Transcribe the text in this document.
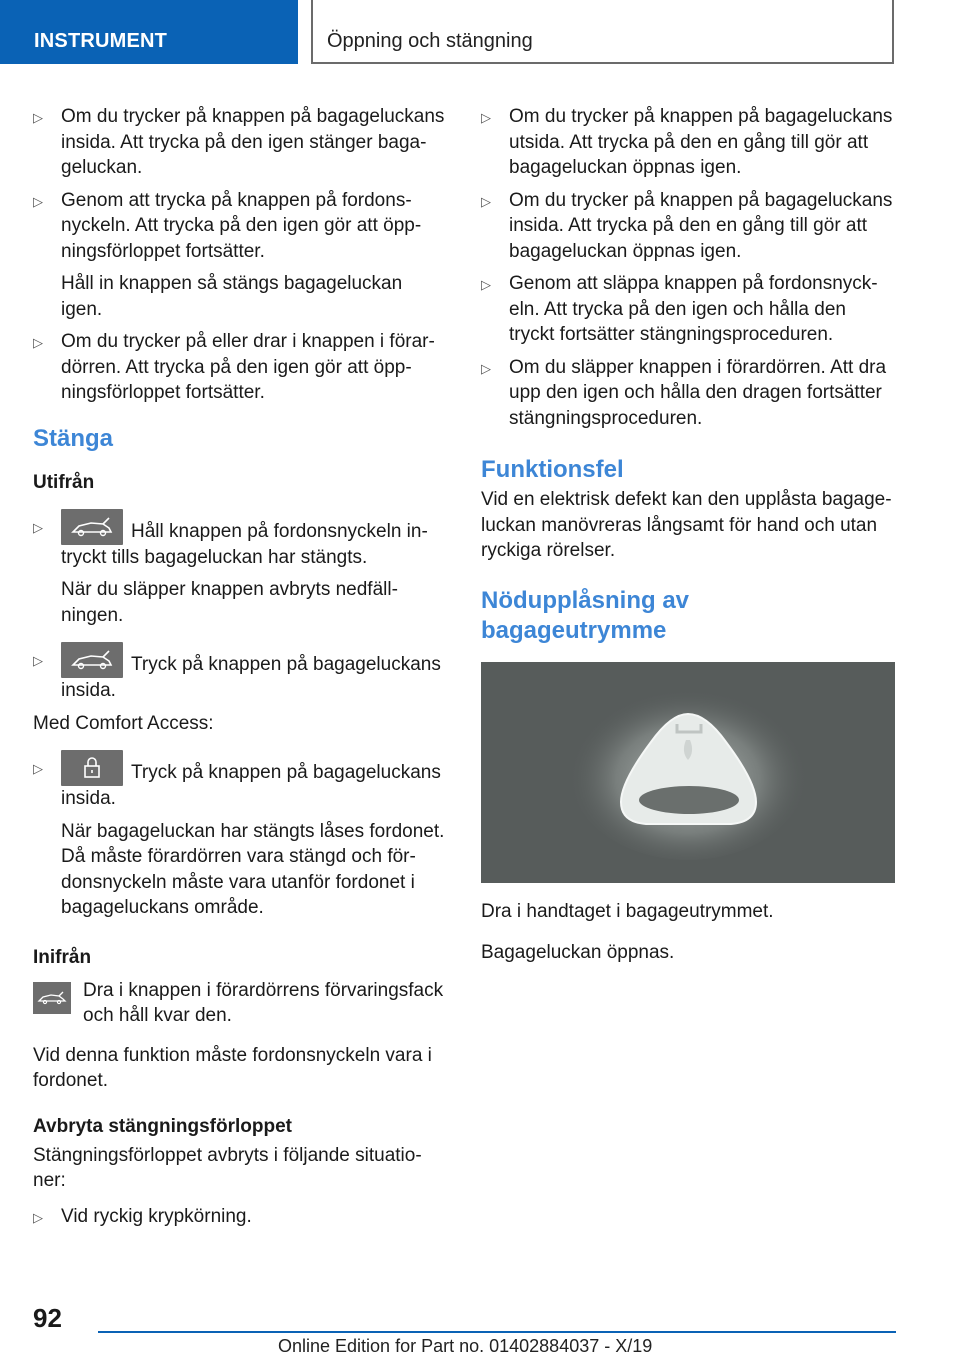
INSTRUMENT	Öppning och stängning
▷ Om du trycker på knappen på bagageluckans insida. Att trycka på den igen stänger baga-geluckan.
▷ Genom att trycka på knappen på fordons-nyckeln. Att trycka på den igen gör att öpp-ningsförloppet fortsätter.
Håll in knappen så stängs bagageluckan igen.
▷ Om du trycker på eller drar i knappen i förar-dörren. Att trycka på den igen gör att öpp-ningsförloppet fortsätter.
Stänga
Utifrån
▷	Håll knappen på fordonsnyckeln in-tryckt tills bagageluckan har stängts.
När du släpper knappen avbryts nedfäll-ningen.
▷	Tryck på knappen på bagageluckans insida.
Med Comfort Access:
▷	Tryck på knappen på bagageluckans insida.
När bagageluckan har stängts låses fordonet. Då måste förardörren vara stängd och för-donsnyckeln måste vara utanför fordonet i bagageluckans område.
Inifrån
Dra i knappen i förardörrens förvaringsfack och håll kvar den.
Vid denna funktion måste fordonsnyckeln vara i fordonet.
Avbryta stängningsförloppet
Stängningsförloppet avbryts i följande situatio-ner:
▷ Vid ryckig krypkörning.
▷ Om du trycker på knappen på bagageluckans utsida. Att trycka på den en gång till gör att bagageluckan öppnas igen.
▷ Om du trycker på knappen på bagageluckans insida. Att trycka på den en gång till gör att bagageluckan öppnas igen.
▷ Genom att släppa knappen på fordonsnyck-eln. Att trycka på den igen och hålla den tryckt fortsätter stängningsproceduren.
▷ Om du släpper knappen i förardörren. Att dra upp den igen och hålla den dragen fortsätter stängningsproceduren.
Funktionsfel
Vid en elektrisk defekt kan den upplåsta bagage-luckan manövreras långsamt för hand och utan ryckiga rörelser.
Nödupplåsning av bagageutrymme
Dra i handtaget i bagageutrymmet.
Bagageluckan öppnas.
92
Online Edition for Part no. 01402884037 - X/19
